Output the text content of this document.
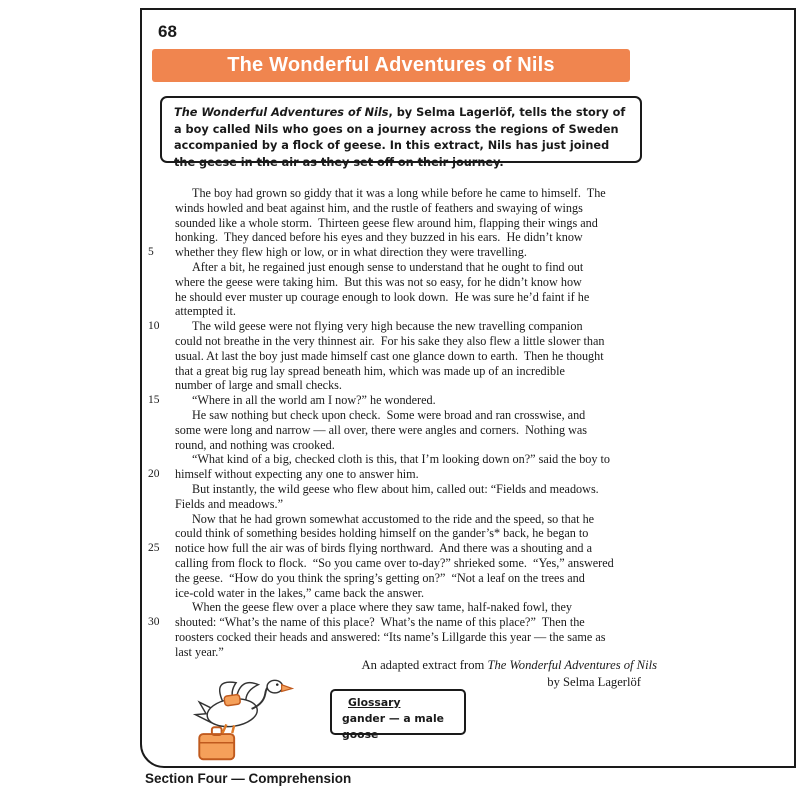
68
The Wonderful Adventures of Nils
The Wonderful Adventures of Nils, by Selma Lagerlöf, tells the story of a boy called Nils who goes on a journey across the regions of Sweden accompanied by a flock of geese. In this extract, Nils has just joined the geese in the air as they set off on their journey.
The boy had grown so giddy that it was a long while before he came to himself.  The
winds howled and beat against him, and the rustle of feathers and swaying of wings
sounded like a whole storm.  Thirteen geese flew around him, flapping their wings and
honking.  They danced before his eyes and they buzzed in his ears.  He didn’t know
5	whether they flew high or low, or in what direction they were travelling.
After a bit, he regained just enough sense to understand that he ought to find out
where the geese were taking him.  But this was not so easy, for he didn’t know how
he should ever muster up courage enough to look down.  He was sure he’d faint if he
attempted it.
10	The wild geese were not flying very high because the new travelling companion
could not breathe in the very thinnest air.  For his sake they also flew a little slower than
usual. At last the boy just made himself cast one glance down to earth.  Then he thought
that a great big rug lay spread beneath him, which was made up of an incredible
number of large and small checks.
15	“Where in all the world am I now?” he wondered.
He saw nothing but check upon check.  Some were broad and ran crosswise, and
some were long and narrow — all over, there were angles and corners.  Nothing was
round, and nothing was crooked.
“What kind of a big, checked cloth is this, that I’m looking down on?” said the boy to
20	himself without expecting any one to answer him.
But instantly, the wild geese who flew about him, called out: “Fields and meadows.
Fields and meadows.”
Now that he had grown somewhat accustomed to the ride and the speed, so that he
could think of something besides holding himself on the gander’s* back, he began to
25	notice how full the air was of birds flying northward.  And there was a shouting and a
calling from flock to flock.  “So you came over to-day?” shrieked some.  “Yes,” answered
the geese.  “How do you think the spring’s getting on?”  “Not a leaf on the trees and
ice-cold water in the lakes,” came back the answer.
When the geese flew over a place where they saw tame, half-naked fowl, they
30	shouted: “What’s the name of this place?  What’s the name of this place?”  Then the
roosters cocked their heads and answered: “Its name’s Lillgarde this year — the same as
last year.”
An adapted extract from The Wonderful Adventures of Nils
by Selma Lagerlöf
Glossary
gander — a male goose
Section Four — Comprehension
